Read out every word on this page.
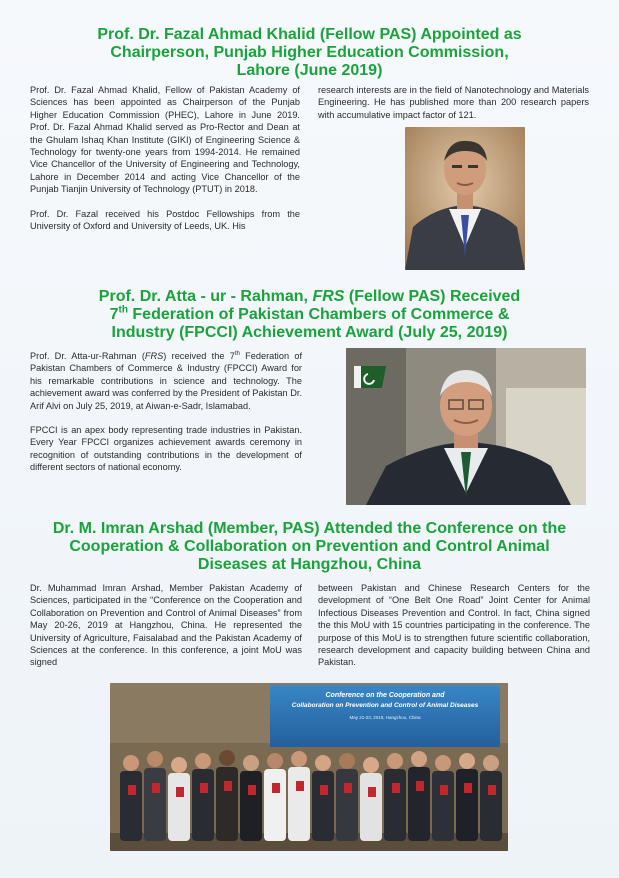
Prof. Dr. Fazal Ahmad Khalid (Fellow PAS) Appointed as
Chairperson, Punjab Higher Education Commission,
Lahore (June 2019)

Prof. Dr. Fazal Ahmad Khalid, Fellow of Pakistan Academy of Sciences has been appointed as Chairperson of the Punjab Higher Education Commission (PHEC), Lahore in June 2019. Prof. Dr. Fazal Ahmad Khalid served as Pro-Rector and Dean at the Ghulam Ishaq Khan Institute (GIKI) of Engineering Science & Technology for twenty-one years from 1994-2014. He remained Vice Chancellor of the University of Engineering and Technology, Lahore in December 2014 and acting Vice Chancellor of the Punjab Tianjin University of Technology (PTUT) in 2018.

Prof. Dr. Fazal received his Postdoc Fellowships from the University of Oxford and University of Leeds, UK. His

research interests are in the field of Nanotechnology and Materials Engineering. He has published more than 200 research papers with accumulative impact factor of 121.

Prof. Dr. Atta - ur - Rahman, FRS (Fellow PAS) Received
7th Federation of Pakistan Chambers of Commerce &
Industry (FPCCI) Achievement Award (July 25, 2019)

Prof. Dr. Atta-ur-Rahman (FRS) received the 7th Federation of Pakistan Chambers of Commerce & Industry (FPCCI) Award for his remarkable contributions in science and technology. The achievement award was conferred by the President of Pakistan Dr. Arif Alvi on July 25, 2019, at Aiwan-e-Sadr, Islamabad.

FPCCI is an apex body representing trade industries in Pakistan. Every Year FPCCI organizes achievement awards ceremony in recognition of outstanding contributions in the development of different sectors of national economy.

Dr. M. Imran Arshad (Member, PAS) Attended the Conference on the
Cooperation & Collaboration on Prevention and Control Animal
Diseases at Hangzhou, China

Dr. Muhammad Imran Arshad, Member Pakistan Academy of Sciences, participated in the “Conference on the Cooperation and Collaboration on Prevention and Control of Animal Diseases” from May 20-26, 2019 at Hangzhou, China. He represented the University of Agriculture, Faisalabad and the Pakistan Academy of Sciences at the conference. In this conference, a joint MoU was signed

between Pakistan and Chinese Research Centers for the development of “One Belt One Road” Joint Center for Animal Infectious Diseases Prevention and Control. In fact, China signed the this MoU with 15 countries participating in the conference. The purpose of this MoU is to strengthen future scientific collaboration, research development and capacity building between China and Pakistan.

Conference on the Cooperation and
Collaboration on Prevention and Control of Animal Diseases
May 21-23, 2019, Hangzhou, China
